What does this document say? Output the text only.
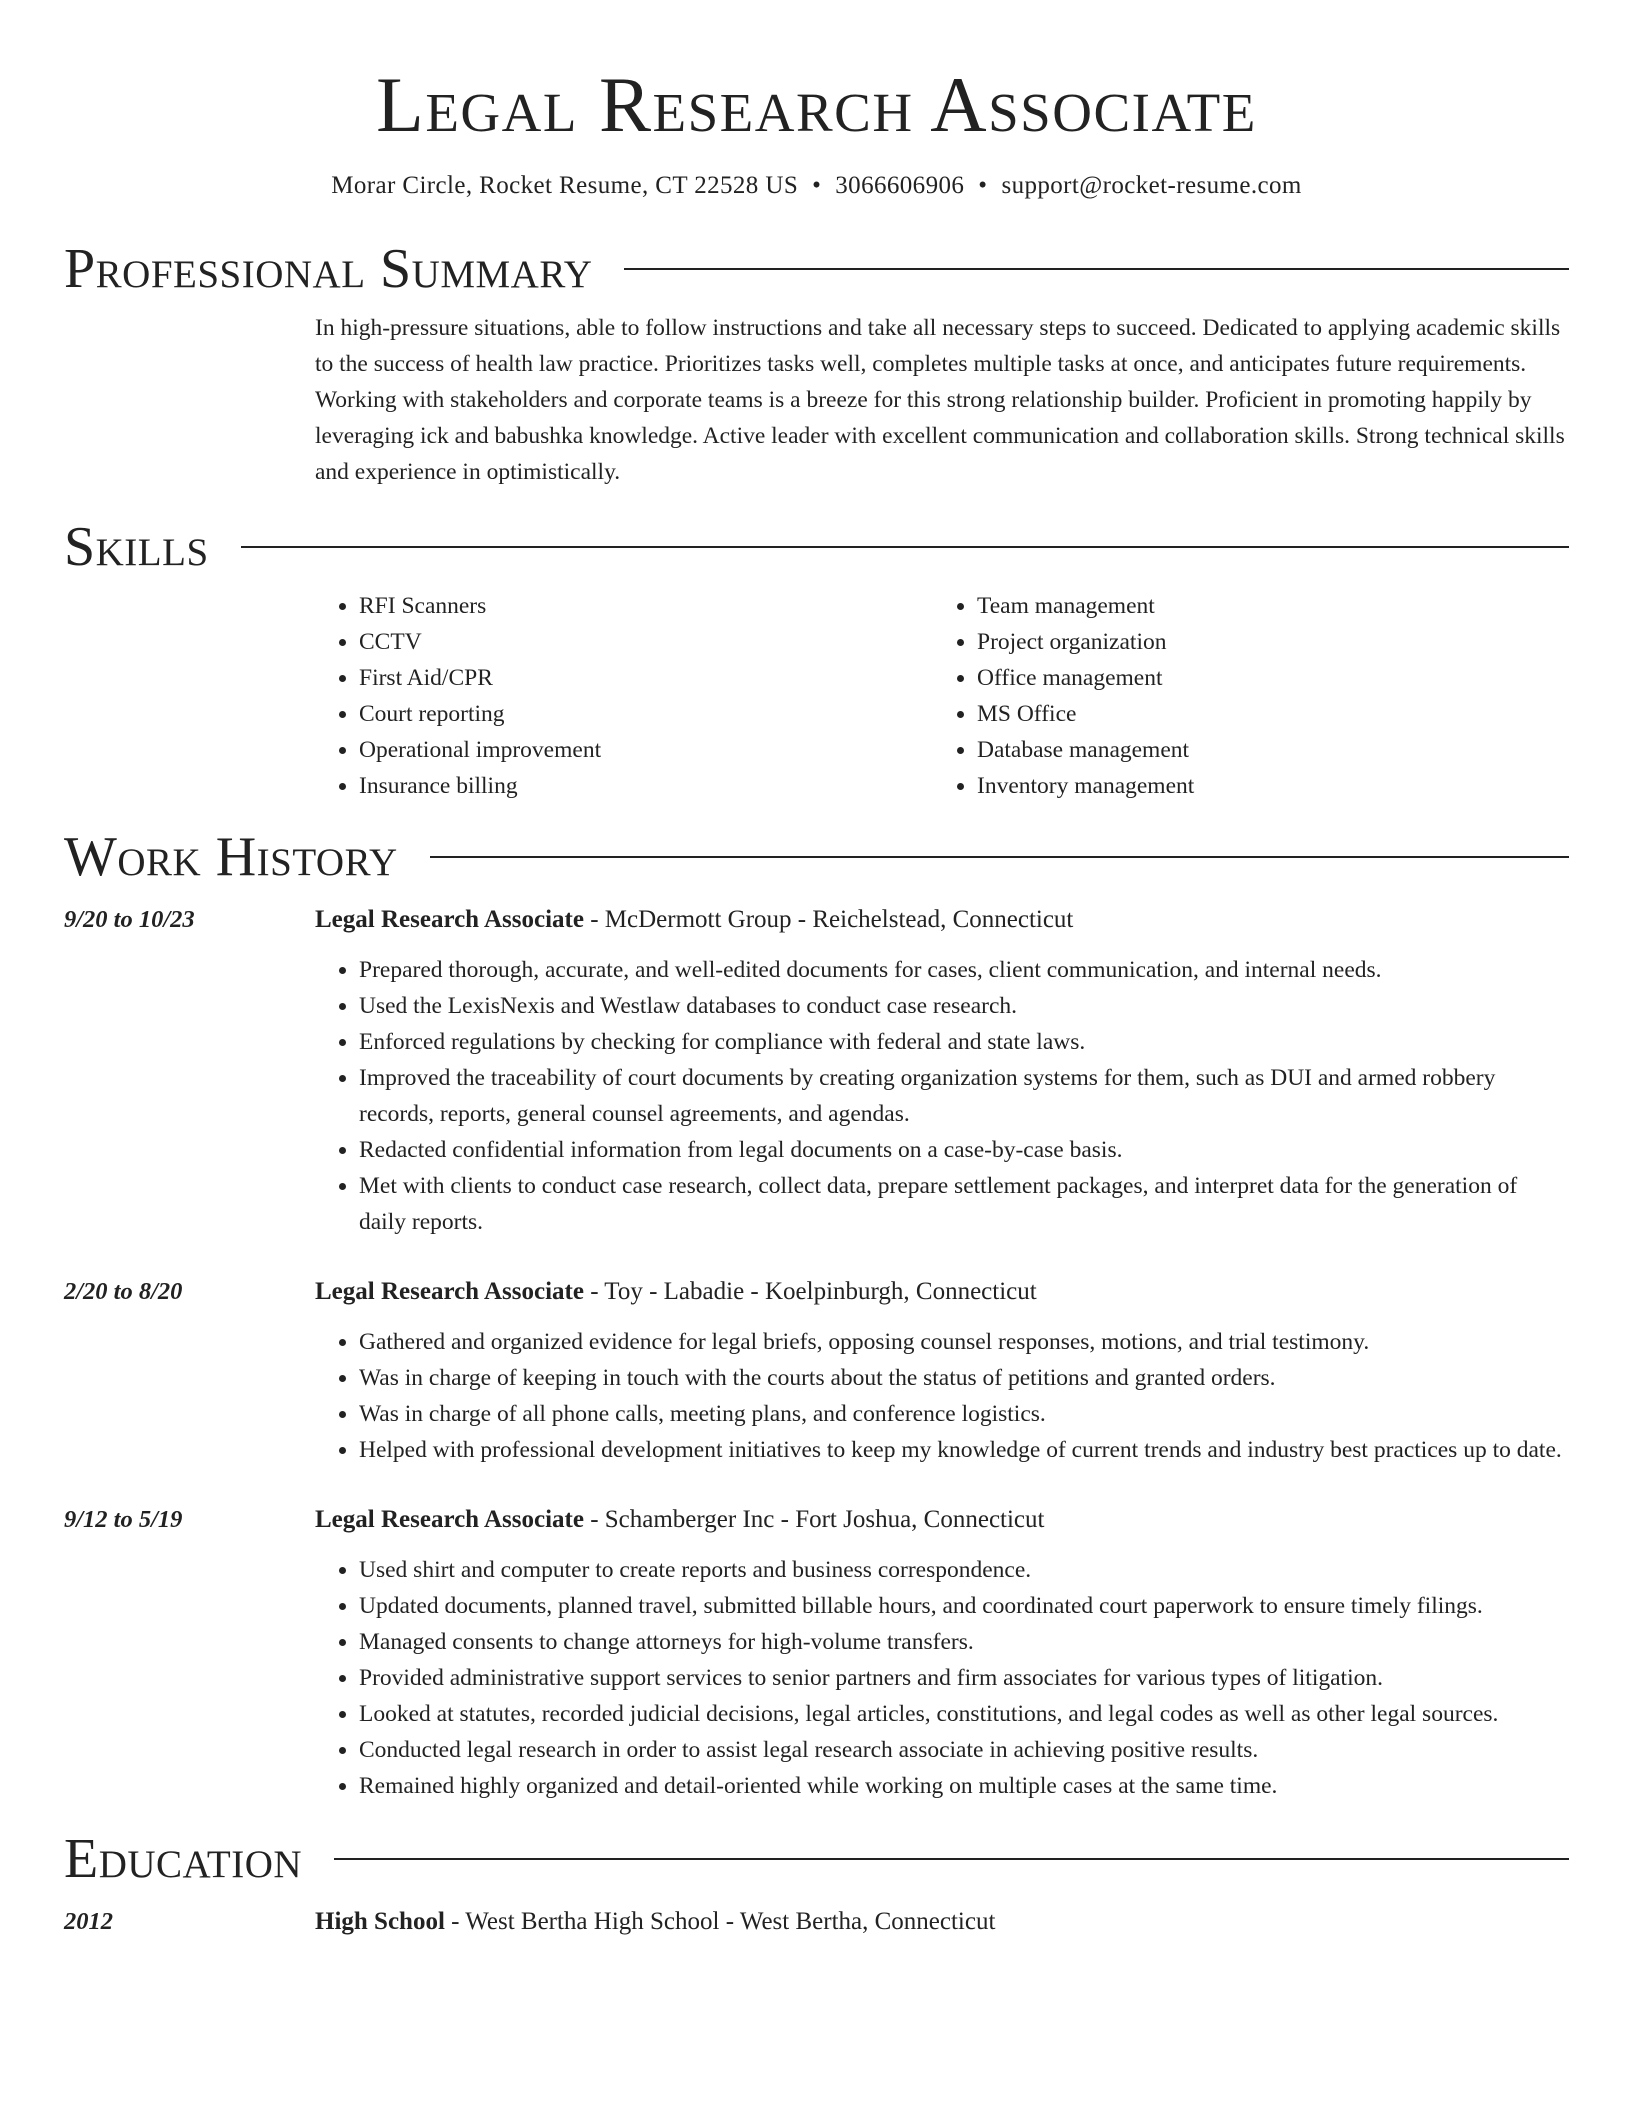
Legal Research Associate
Morar Circle, Rocket Resume, CT 22528 US • 3066606906 • support@rocket-resume.com
Professional Summary
In high-pressure situations, able to follow instructions and take all necessary steps to succeed. Dedicated to applying academic skills to the success of health law practice. Prioritizes tasks well, completes multiple tasks at once, and anticipates future requirements. Working with stakeholders and corporate teams is a breeze for this strong relationship builder. Proficient in promoting happily by leveraging ick and babushka knowledge. Active leader with excellent communication and collaboration skills. Strong technical skills and experience in optimistically.
Skills
• RFI Scanners
• CCTV
• First Aid/CPR
• Court reporting
• Operational improvement
• Insurance billing
• Team management
• Project organization
• Office management
• MS Office
• Database management
• Inventory management
Work History
9/20 to 10/23	Legal Research Associate - McDermott Group - Reichelstead, Connecticut
• Prepared thorough, accurate, and well-edited documents for cases, client communication, and internal needs.
• Used the LexisNexis and Westlaw databases to conduct case research.
• Enforced regulations by checking for compliance with federal and state laws.
• Improved the traceability of court documents by creating organization systems for them, such as DUI and armed robbery records, reports, general counsel agreements, and agendas.
• Redacted confidential information from legal documents on a case-by-case basis.
• Met with clients to conduct case research, collect data, prepare settlement packages, and interpret data for the generation of daily reports.
2/20 to 8/20	Legal Research Associate - Toy - Labadie - Koelpinburgh, Connecticut
• Gathered and organized evidence for legal briefs, opposing counsel responses, motions, and trial testimony.
• Was in charge of keeping in touch with the courts about the status of petitions and granted orders.
• Was in charge of all phone calls, meeting plans, and conference logistics.
• Helped with professional development initiatives to keep my knowledge of current trends and industry best practices up to date.
9/12 to 5/19	Legal Research Associate - Schamberger Inc - Fort Joshua, Connecticut
• Used shirt and computer to create reports and business correspondence.
• Updated documents, planned travel, submitted billable hours, and coordinated court paperwork to ensure timely filings.
• Managed consents to change attorneys for high-volume transfers.
• Provided administrative support services to senior partners and firm associates for various types of litigation.
• Looked at statutes, recorded judicial decisions, legal articles, constitutions, and legal codes as well as other legal sources.
• Conducted legal research in order to assist legal research associate in achieving positive results.
• Remained highly organized and detail-oriented while working on multiple cases at the same time.
Education
2012	High School - West Bertha High School - West Bertha, Connecticut
